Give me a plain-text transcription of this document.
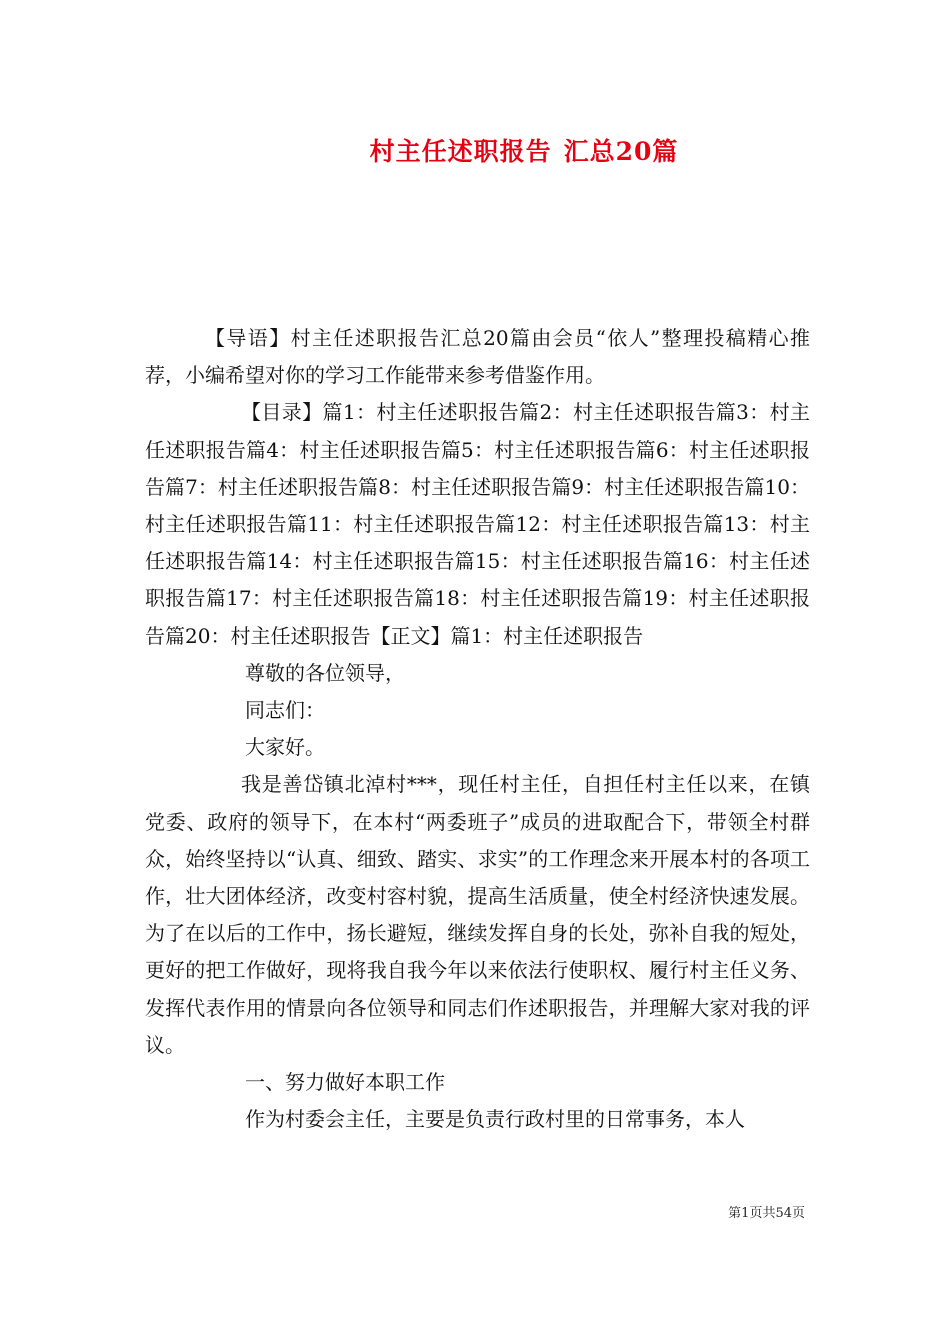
村主任述职报告 汇总20篇

【导语】村主任述职报告汇总20篇由会员“依人”整理投稿精心推荐，小编希望对你的学习工作能带来参考借鉴作用。

【目录】篇1：村主任述职报告篇2：村主任述职报告篇3：村主任述职报告篇4：村主任述职报告篇5：村主任述职报告篇6：村主任述职报告篇7：村主任述职报告篇8：村主任述职报告篇9：村主任述职报告篇10：村主任述职报告篇11：村主任述职报告篇12：村主任述职报告篇13：村主任述职报告篇14：村主任述职报告篇15：村主任述职报告篇16：村主任述职报告篇17：村主任述职报告篇18：村主任述职报告篇19：村主任述职报告篇20：村主任述职报告【正文】篇1：村主任述职报告

尊敬的各位领导，

同志们：

大家好。

我是善岱镇北淖村***，现任村主任，自担任村主任以来，在镇党委、政府的领导下，在本村“两委班子”成员的进取配合下，带领全村群众，始终坚持以“认真、细致、踏实、求实”的工作理念来开展本村的各项工作，壮大团体经济，改变村容村貌，提高生活质量，使全村经济快速发展。为了在以后的工作中，扬长避短，继续发挥自身的长处，弥补自我的短处，更好的把工作做好，现将我自我今年以来依法行使职权、履行村主任义务、发挥代表作用的情景向各位领导和同志们作述职报告，并理解大家对我的评议。

一、努力做好本职工作

作为村委会主任，主要是负责行政村里的日常事务，本人

第1页共54页
